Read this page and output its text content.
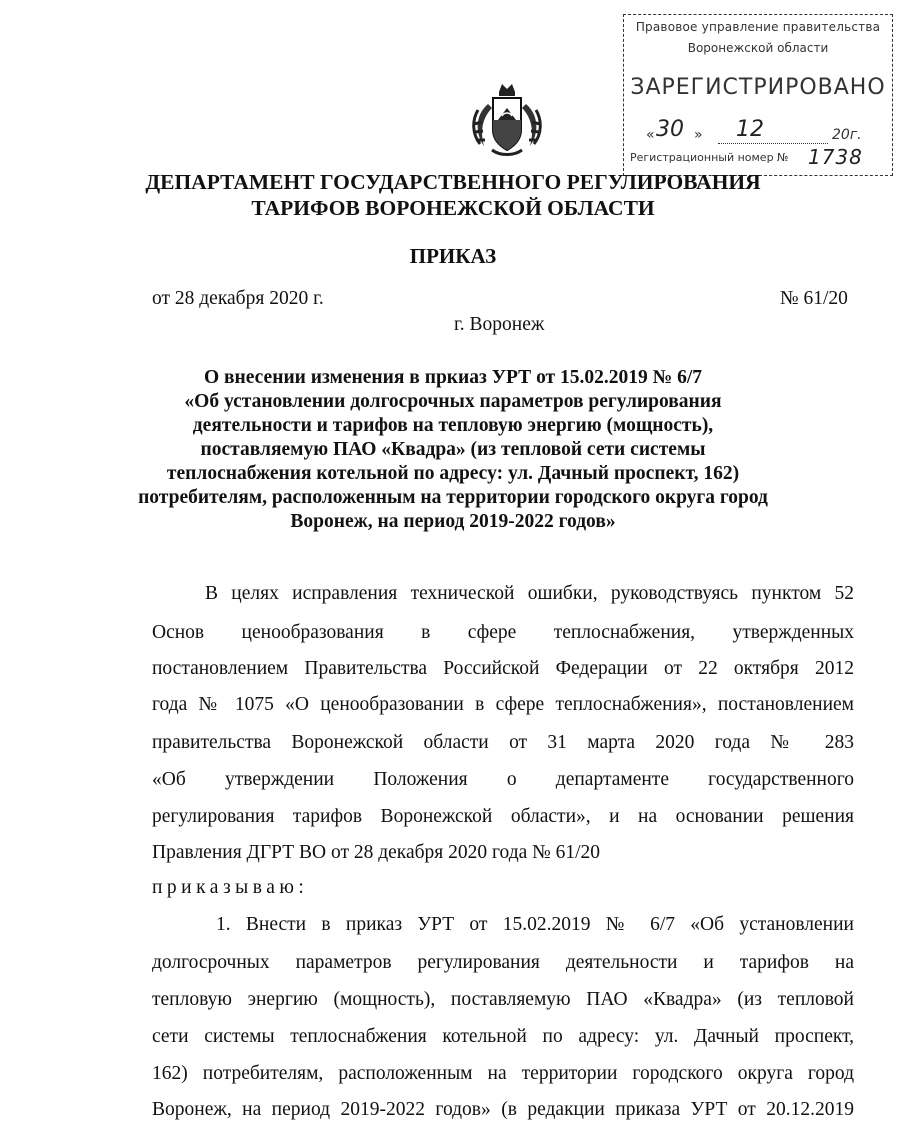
Правовое управление правительства
Воронежской области
ЗАРЕГИСТРИРОВАНО
« 30 » 12	20г.
Регистрационный номер № 1738
ДЕПАРТАМЕНТ ГОСУДАРСТВЕННОГО РЕГУЛИРОВАНИЯ
ТАРИФОВ ВОРОНЕЖСКОЙ ОБЛАСТИ
ПРИКАЗ
от 28 декабря 2020 г.	№ 61/20
г. Воронеж
О внесении изменения в пркиаз УРТ от 15.02.2019 № 6/7
«Об установлении долгосрочных параметров регулирования
деятельности и тарифов на тепловую энергию (мощность),
поставляемую ПАО «Квадра» (из тепловой сети системы
теплоснабжения котельной по адресу: ул. Дачный проспект, 162)
потребителям, расположенным на территории городского округа город
Воронеж, на период 2019-2022 годов»
В целях исправления технической ошибки, руководствуясь пунктом 52
Основ ценообразования в сфере теплоснабжения, утвержденных
постановлением Правительства Российской Федерации от 22 октября 2012
года № 1075 «О ценообразовании в сфере теплоснабжения», постановлением
правительства Воронежской области от 31 марта 2020 года № 283
«Об утверждении Положения о департаменте государственного
регулирования тарифов Воронежской области», и на основании решения
Правления ДГРТ ВО от 28 декабря 2020 года № 61/20
приказываю:
1. Внести в приказ УРТ от 15.02.2019 № 6/7 «Об установлении
долгосрочных параметров регулирования деятельности и тарифов на
тепловую энергию (мощность), поставляемую ПАО «Квадра» (из тепловой
сети системы теплоснабжения котельной по адресу: ул. Дачный проспект,
162) потребителям, расположенным на территории городского округа город
Воронеж, на период 2019-2022 годов» (в редакции приказа УРТ от 20.12.2019
